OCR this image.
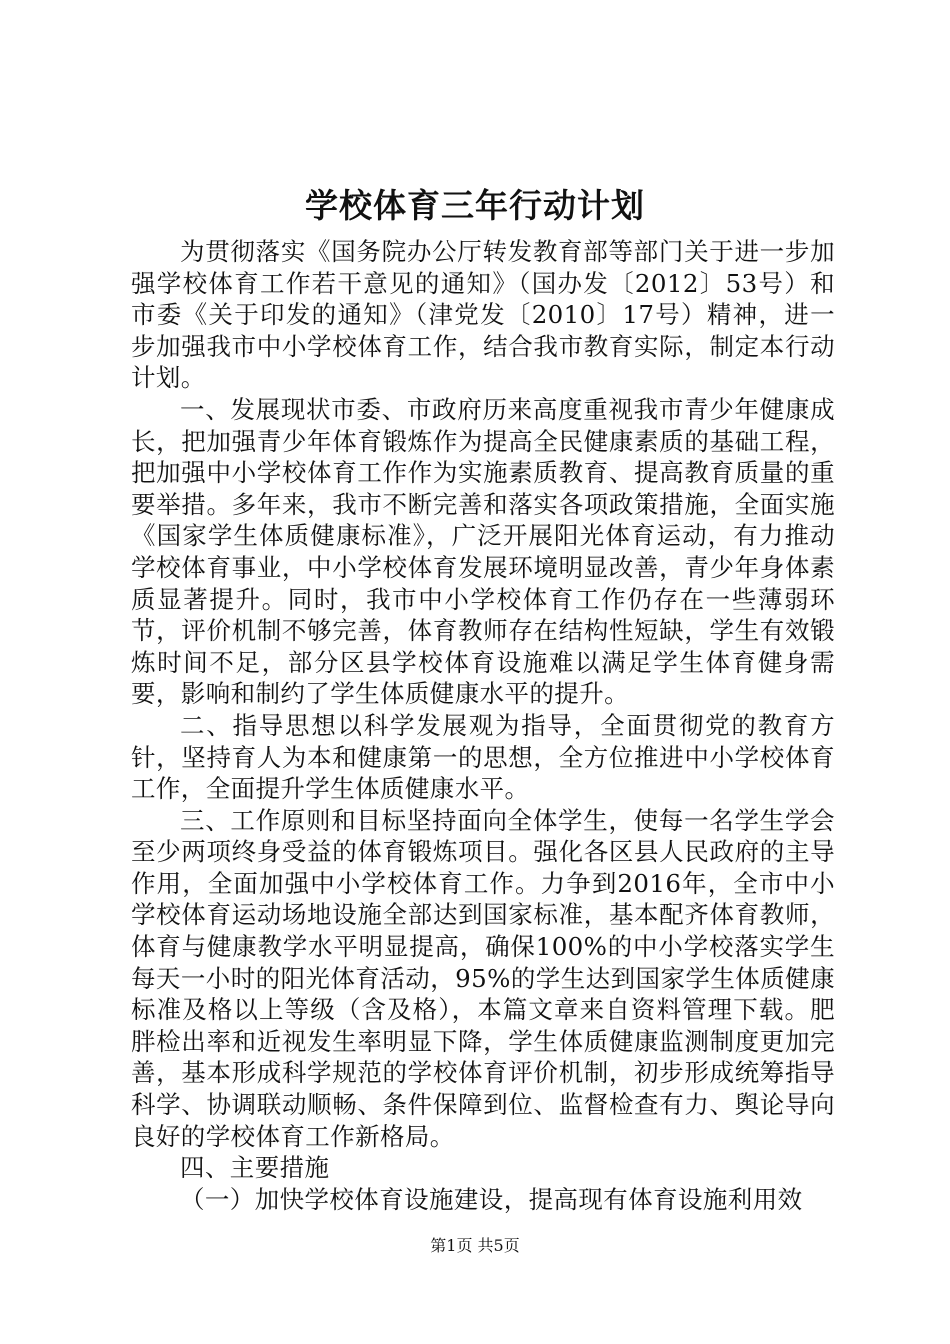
学校体育三年行动计划

为贯彻落实《国务院办公厅转发教育部等部门关于进一步加强学校体育工作若干意见的通知》（国办发〔2012〕53号）和市委《关于印发的通知》（津党发〔2010〕17号）精神，进一步加强我市中小学校体育工作，结合我市教育实际，制定本行动计划。

一、发展现状市委、市政府历来高度重视我市青少年健康成长，把加强青少年体育锻炼作为提高全民健康素质的基础工程，把加强中小学校体育工作作为实施素质教育、提高教育质量的重要举措。多年来，我市不断完善和落实各项政策措施，全面实施《国家学生体质健康标准》，广泛开展阳光体育运动，有力推动学校体育事业，中小学校体育发展环境明显改善，青少年身体素质显著提升。同时，我市中小学校体育工作仍存在一些薄弱环节，评价机制不够完善，体育教师存在结构性短缺，学生有效锻炼时间不足，部分区县学校体育设施难以满足学生体育健身需要，影响和制约了学生体质健康水平的提升。

二、指导思想以科学发展观为指导，全面贯彻党的教育方针，坚持育人为本和健康第一的思想，全方位推进中小学校体育工作，全面提升学生体质健康水平。

三、工作原则和目标坚持面向全体学生，使每一名学生学会至少两项终身受益的体育锻炼项目。强化各区县人民政府的主导作用，全面加强中小学校体育工作。力争到2016年，全市中小学校体育运动场地设施全部达到国家标准，基本配齐体育教师，体育与健康教学水平明显提高，确保100%的中小学校落实学生每天一小时的阳光体育活动，95%的学生达到国家学生体质健康标准及格以上等级（含及格），本篇文章来自资料管理下载。肥胖检出率和近视发生率明显下降，学生体质健康监测制度更加完善，基本形成科学规范的学校体育评价机制，初步形成统筹指导科学、协调联动顺畅、条件保障到位、监督检查有力、舆论导向良好的学校体育工作新格局。

四、主要措施

（一）加快学校体育设施建设，提高现有体育设施利用效

第1页 共5页
